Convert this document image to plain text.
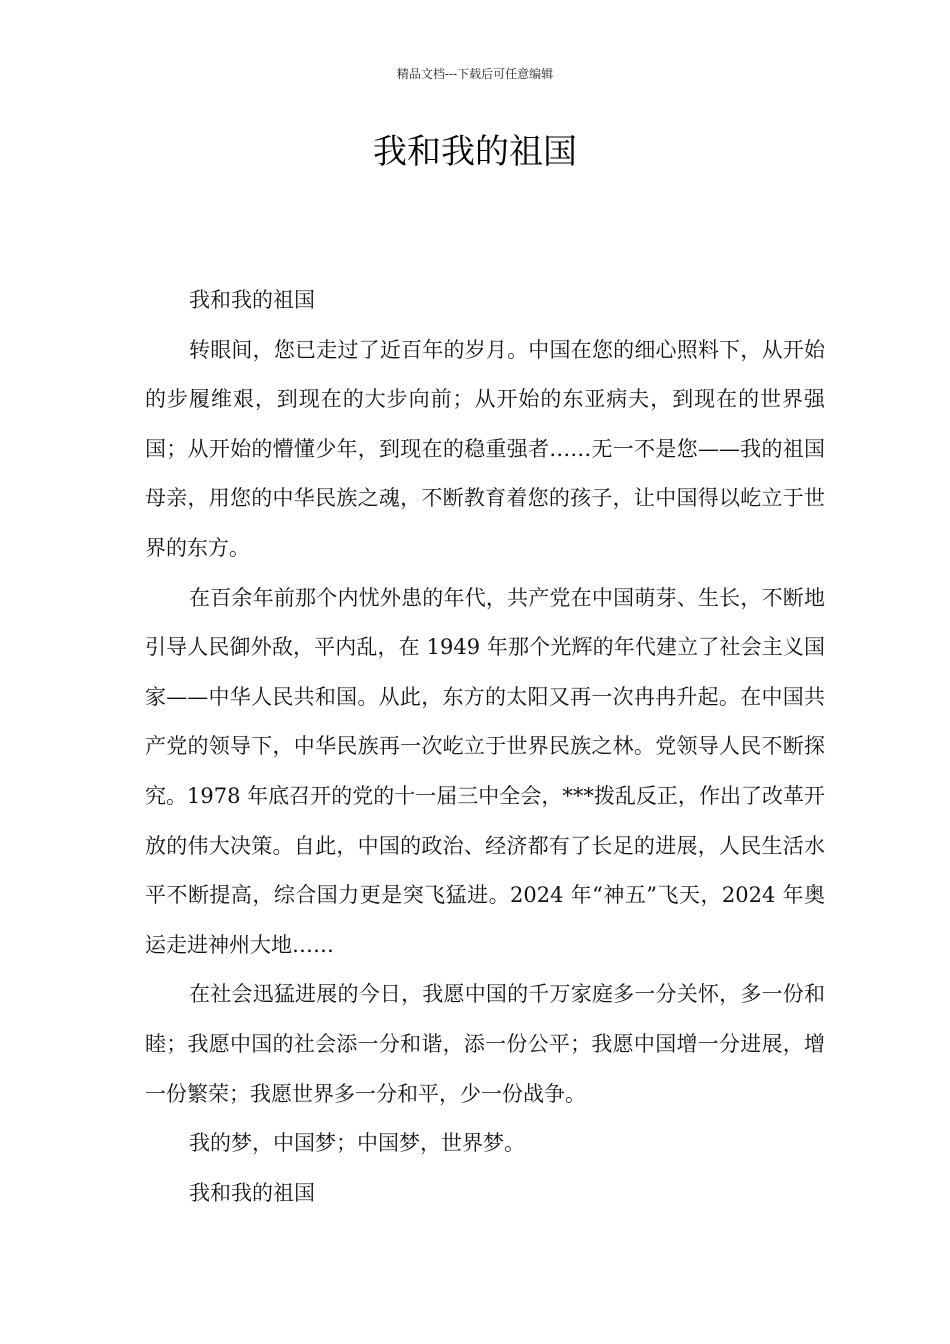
精品文档---下载后可任意编辑
我和我的祖国

我和我的祖国

转眼间，您已走过了近百年的岁月。中国在您的细心照料下，从开始的步履维艰，到现在的大步向前；从开始的东亚病夫，到现在的世界强国；从开始的懵懂少年，到现在的稳重强者……无一不是您——我的祖国母亲，用您的中华民族之魂，不断教育着您的孩子，让中国得以屹立于世界的东方。

在百余年前那个内忧外患的年代，共产党在中国萌芽、生长，不断地引导人民御外敌，平内乱，在 1949 年那个光辉的年代建立了社会主义国家——中华人民共和国。从此，东方的太阳又再一次冉冉升起。在中国共产党的领导下，中华民族再一次屹立于世界民族之林。党领导人民不断探究。1978 年底召开的党的十一届三中全会，***拨乱反正，作出了改革开放的伟大决策。自此，中国的政治、经济都有了长足的进展，人民生活水平不断提高，综合国力更是突飞猛进。2024 年“神五”飞天，2024 年奥运走进神州大地……

在社会迅猛进展的今日，我愿中国的千万家庭多一分关怀，多一份和睦；我愿中国的社会添一分和谐，添一份公平；我愿中国增一分进展，增一份繁荣；我愿世界多一分和平，少一份战争。

我的梦，中国梦；中国梦，世界梦。

我和我的祖国
